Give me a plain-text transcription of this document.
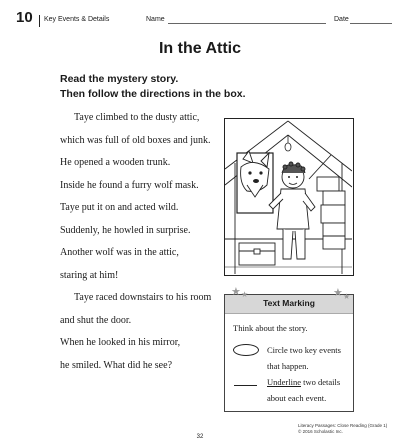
10 Key Events & Details	Name	Date
In the Attic
Read the mystery story.
Then follow the directions in the box.
Taye climbed to the dusty attic,
which was full of old boxes and junk.
He opened a wooden trunk.
Inside he found a furry wolf mask.
Taye put it on and acted wild.
Suddenly, he howled in surprise.
Another wolf was in the attic,
staring at him!
Taye raced downstairs to his room
and shut the door.
When he looked in his mirror,
he smiled. What did he see?
Text Marking
★ ★	★ ★
Think about the story.
Circle two key events
that happen.
Underline two details
about each event.
Literacy Passages: Close Reading (Grade 1)
© 2016 Scholastic Inc.
32
